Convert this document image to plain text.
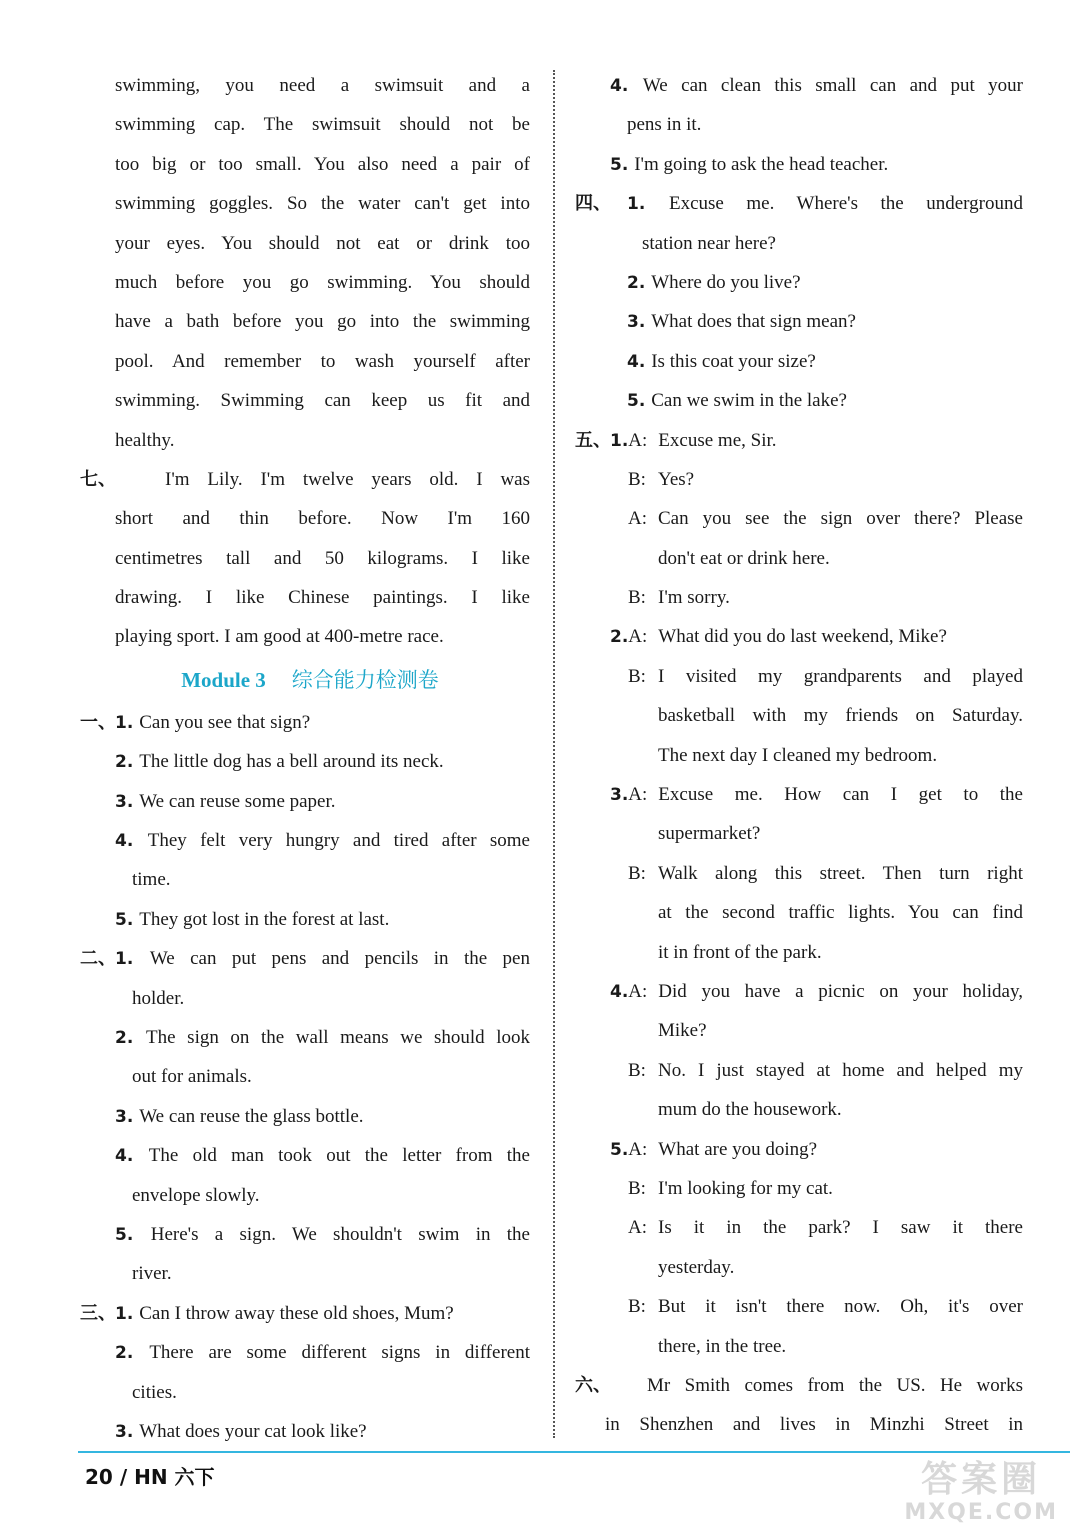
swimming, you need a swimsuit and a
swimming cap. The swimsuit should not be
too big or too small. You also need a pair of
swimming goggles. So the water can't get into
your eyes. You should not eat or drink too
much before you go swimming. You should
have a bath before you go into the swimming
pool. And remember to wash yourself after
swimming. Swimming can keep us fit and
healthy.
七、	I'm Lily. I'm twelve years old. I was
short and thin before. Now I'm 160
centimetres tall and 50 kilograms. I like
drawing. I like Chinese paintings. I like
playing sport. I am good at 400-metre race.
Module 3 综合能力检测卷
一、 1. Can you see that sign?
2. The little dog has a bell around its neck.
3. We can reuse some paper.
4. They felt very hungry and tired after some
time.
5. They got lost in the forest at last.
二、 1. We can put pens and pencils in the pen
holder.
2. The sign on the wall means we should look
out for animals.
3. We can reuse the glass bottle.
4. The old man took out the letter from the
envelope slowly.
5. Here's a sign. We shouldn't swim in the
river.
三、 1. Can I throw away these old shoes, Mum?
2. There are some different signs in different
cities.
3. What does your cat look like?
4. We can clean this small can and put your
pens in it.
5. I'm going to ask the head teacher.
四、 1. Excuse me. Where's the underground
station near here?
2. Where do you live?
3. What does that sign mean?
4. Is this coat your size?
5. Can we swim in the lake?
五、 1.A: Excuse me, Sir.
B: Yes?
A: Can you see the sign over there? Please
don't eat or drink here.
B: I'm sorry.
2.A: What did you do last weekend, Mike?
B: I visited my grandparents and played
basketball with my friends on Saturday.
The next day I cleaned my bedroom.
3.A: Excuse me. How can I get to the
supermarket?
B: Walk along this street. Then turn right
at the second traffic lights. You can find
it in front of the park.
4.A: Did you have a picnic on your holiday,
Mike?
B: No. I just stayed at home and helped my
mum do the housework.
5.A: What are you doing?
B: I'm looking for my cat.
A: Is it in the park? I saw it there
yesterday.
B: But it isn't there now. Oh, it's over
there, in the tree.
六、 Mr Smith comes from the US. He works
in Shenzhen and lives in Minzhi Street in
20 / HN 六下	答案圈
MXQE.COM
